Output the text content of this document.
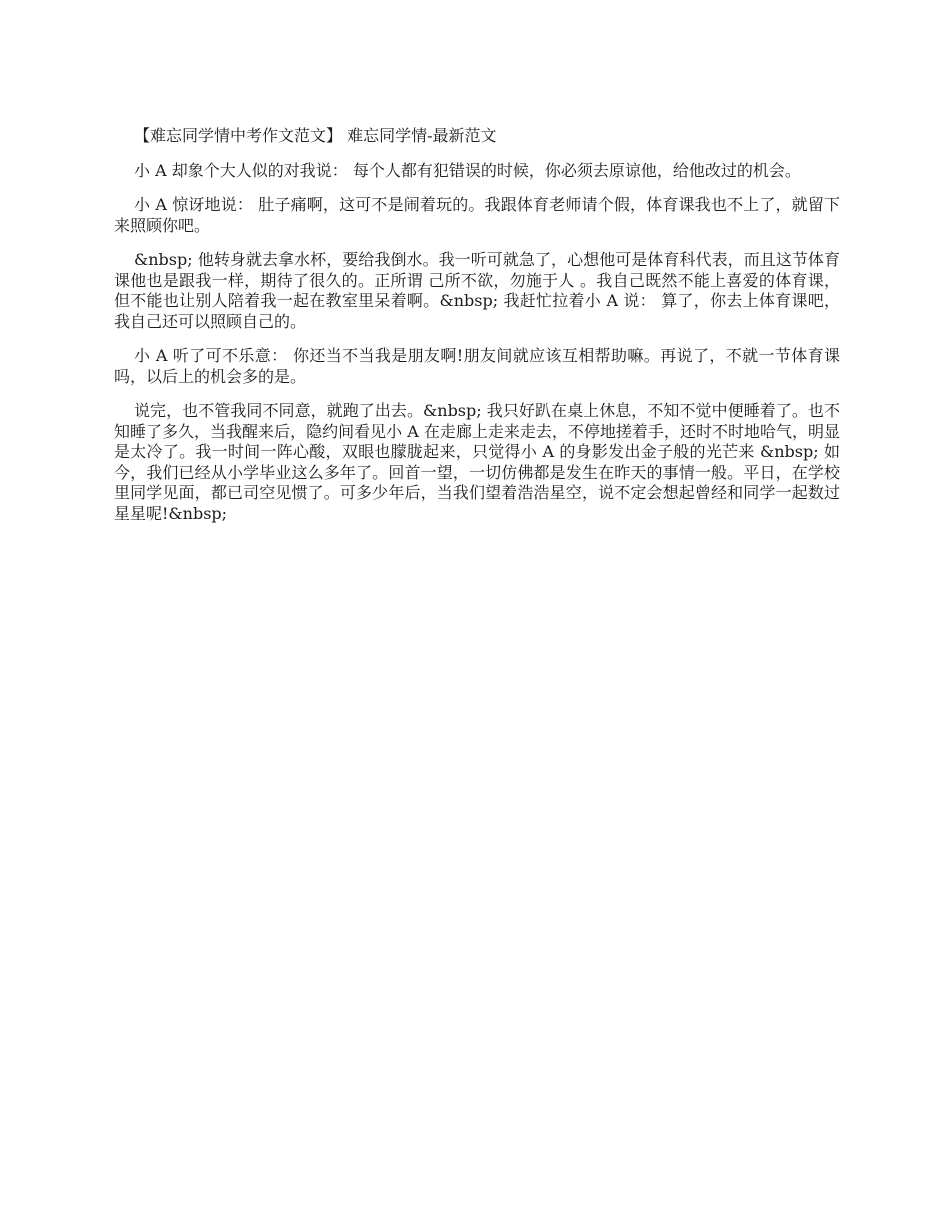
【难忘同学情中考作文范文】 难忘同学情-最新范文

小 A 却象个大人似的对我说： 每个人都有犯错误的时候，你必须去原谅他，给他改过的机会。

小 A 惊讶地说： 肚子痛啊，这可不是闹着玩的。我跟体育老师请个假，体育课我也不上了，就留下来照顾你吧。

&nbsp; 他转身就去拿水杯，要给我倒水。我一听可就急了，心想他可是体育科代表，而且这节体育课他也是跟我一样，期待了很久的。正所谓 己所不欲，勿施于人 。我自己既然不能上喜爱的体育课，但不能也让别人陪着我一起在教室里呆着啊。&nbsp; 我赶忙拉着小 A 说： 算了，你去上体育课吧，我自己还可以照顾自己的。

小 A 听了可不乐意： 你还当不当我是朋友啊!朋友间就应该互相帮助嘛。再说了，不就一节体育课吗，以后上的机会多的是。

说完，也不管我同不同意，就跑了出去。&nbsp; 我只好趴在桌上休息，不知不觉中便睡着了。也不知睡了多久，当我醒来后，隐约间看见小 A 在走廊上走来走去，不停地搓着手，还时不时地哈气，明显是太冷了。我一时间一阵心酸，双眼也朦胧起来，只觉得小 A 的身影发出金子般的光芒来 &nbsp; 如今，我们已经从小学毕业这么多年了。回首一望，一切仿佛都是发生在昨天的事情一般。平日，在学校里同学见面，都已司空见惯了。可多少年后，当我们望着浩浩星空，说不定会想起曾经和同学一起数过星星呢!&nbsp;
